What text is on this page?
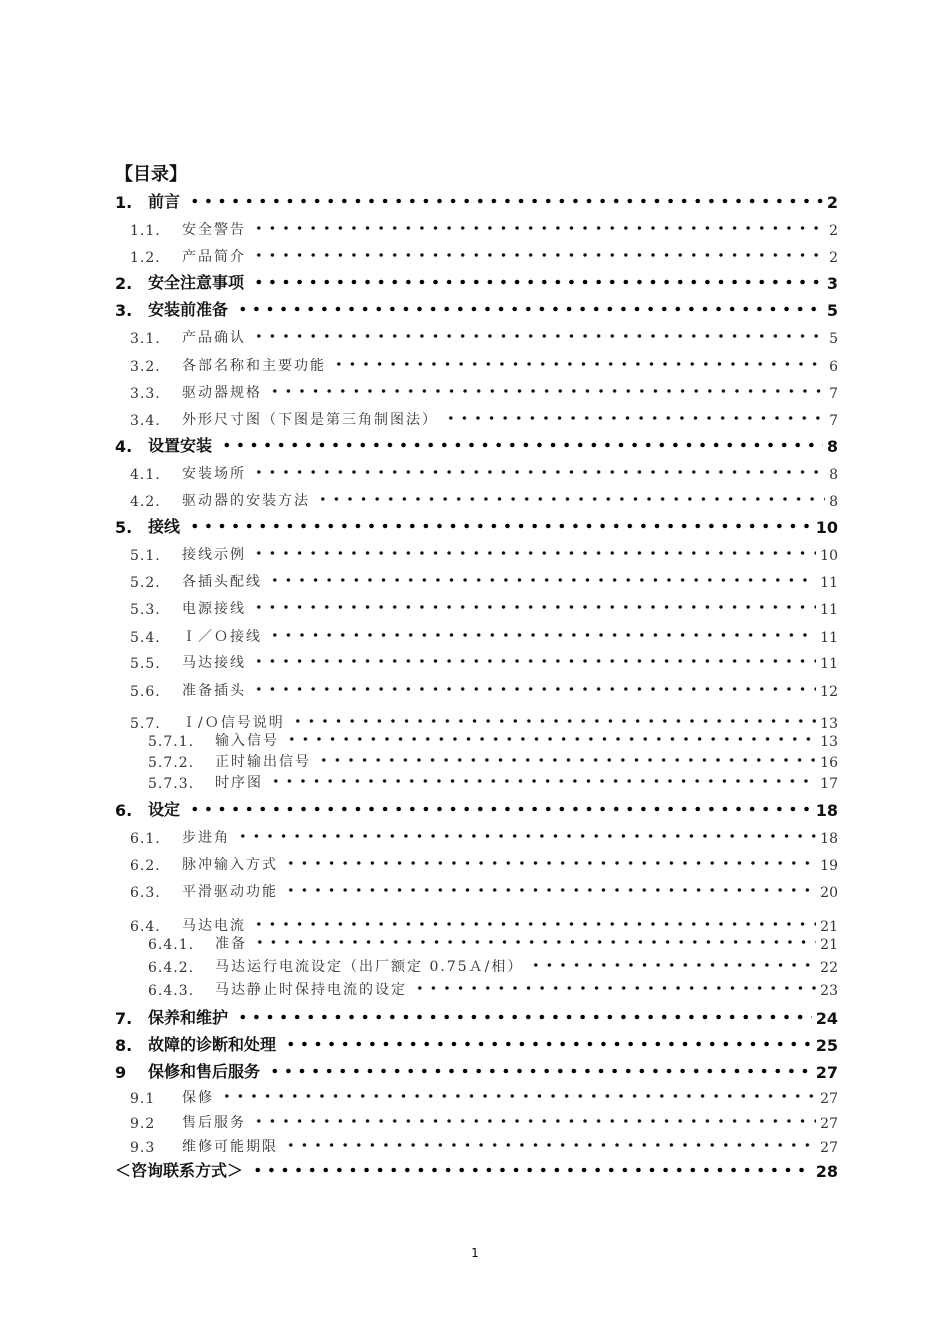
【目录】
1. 前言	2
1.1.	安全警告	2
1.2.	产品简介	2
2. 安全注意事项	3
3. 安装前准备	5
3.1.	产品确认	5
3.2.	各部名称和主要功能	6
3.3.	驱动器规格	7
3.4.	外形尺寸图（下图是第三角制图法）	7
4. 设置安装	8
4.1.	安装场所	8
4.2.	驱动器的安装方法	8
5. 接线	10
5.1.	接线示例	10
5.2.	各插头配线	11
5.3.	电源接线	11
5.4.	Ｉ／Ｏ接线	11
5.5.	马达接线	11
5.6.	准备插头	12
5.7.	Ｉ/Ｏ信号说明	13
5.7.1.	输入信号	13
5.7.2.	正时输出信号	16
5.7.3.	时序图	17
6. 设定	18
6.1.	步进角	18
6.2.	脉冲输入方式	19
6.3.	平滑驱动功能	20
6.4.	马达电流	21
6.4.1.	准备	21
6.4.2.	马达运行电流设定（出厂额定 0.75Ａ/相）	22
6.4.3.	马达静止时保持电流的设定	23
7. 保养和维护	24
8. 故障的诊断和处理	25
9	保修和售后服务	27
9.1	保修	27
9.2	售后服务	27
9.3	维修可能期限	27
＜咨询联系方式＞	28
1
